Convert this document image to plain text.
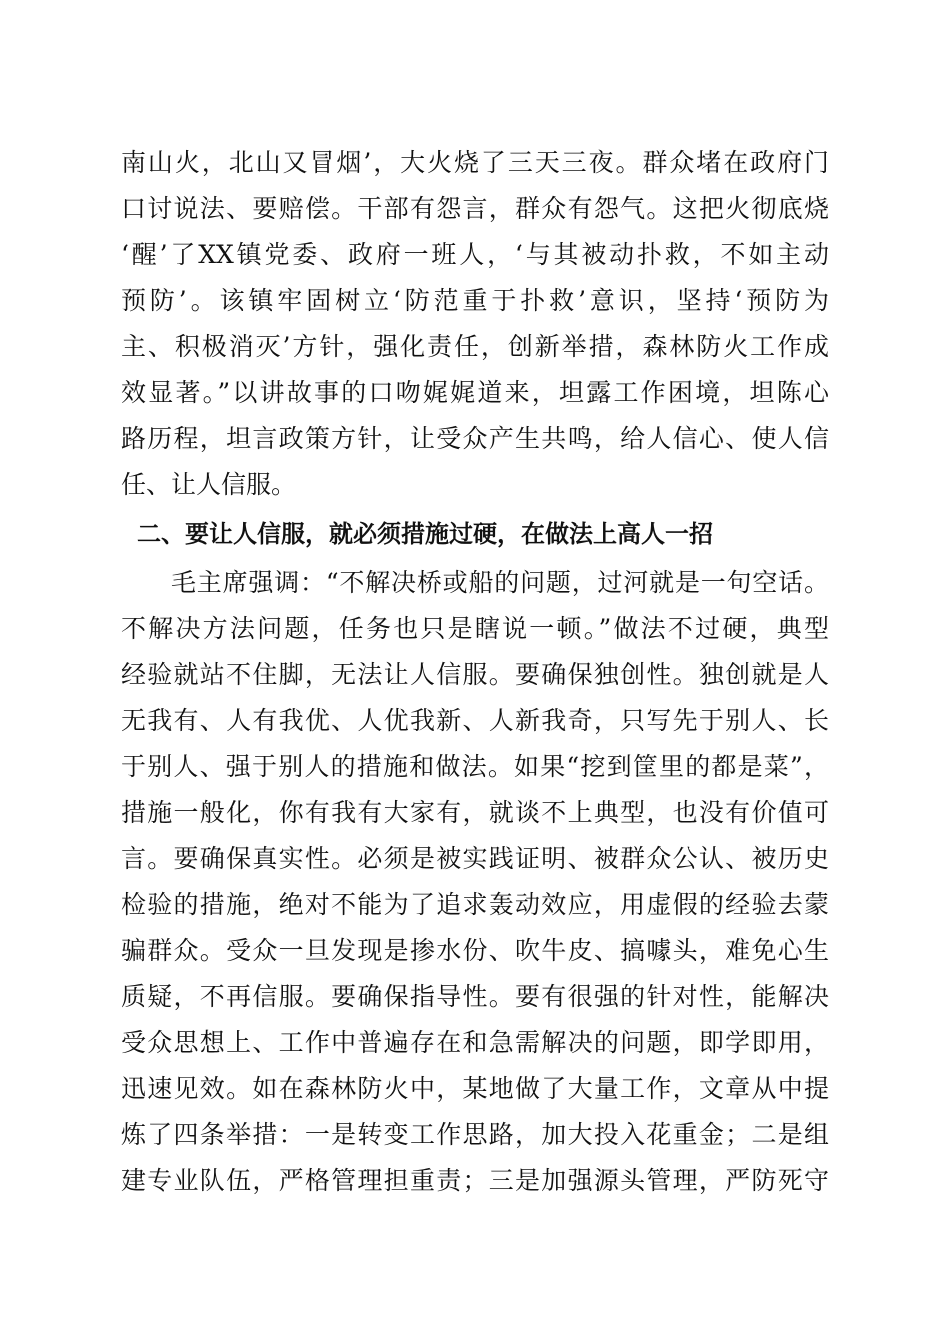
南山火，北山又冒烟’，大火烧了三天三夜。群众堵在政府门
口讨说法、要赔偿。干部有怨言，群众有怨气。这把火彻底烧
‘醒’了XX镇党委、政府一班人，‘与其被动扑救，不如主动
预防’。该镇牢固树立‘防范重于扑救’意识，坚持‘预防为
主、积极消灭’方针，强化责任，创新举措，森林防火工作成
效显著。”以讲故事的口吻娓娓道来，坦露工作困境，坦陈心
路历程，坦言政策方针，让受众产生共鸣，给人信心、使人信
任、让人信服。
二、要让人信服，就必须措施过硬，在做法上高人一招
毛主席强调：“不解决桥或船的问题，过河就是一句空话。
不解决方法问题，任务也只是瞎说一顿。”做法不过硬，典型
经验就站不住脚，无法让人信服。要确保独创性。独创就是人
无我有、人有我优、人优我新、人新我奇，只写先于别人、长
于别人、强于别人的措施和做法。如果“挖到筐里的都是菜”，
措施一般化，你有我有大家有，就谈不上典型，也没有价值可
言。要确保真实性。必须是被实践证明、被群众公认、被历史
检验的措施，绝对不能为了追求轰动效应，用虚假的经验去蒙
骗群众。受众一旦发现是掺水份、吹牛皮、搞噱头，难免心生
质疑，不再信服。要确保指导性。要有很强的针对性，能解决
受众思想上、工作中普遍存在和急需解决的问题，即学即用，
迅速见效。如在森林防火中，某地做了大量工作，文章从中提
炼了四条举措：一是转变工作思路，加大投入花重金；二是组
建专业队伍，严格管理担重责；三是加强源头管理，严防死守
